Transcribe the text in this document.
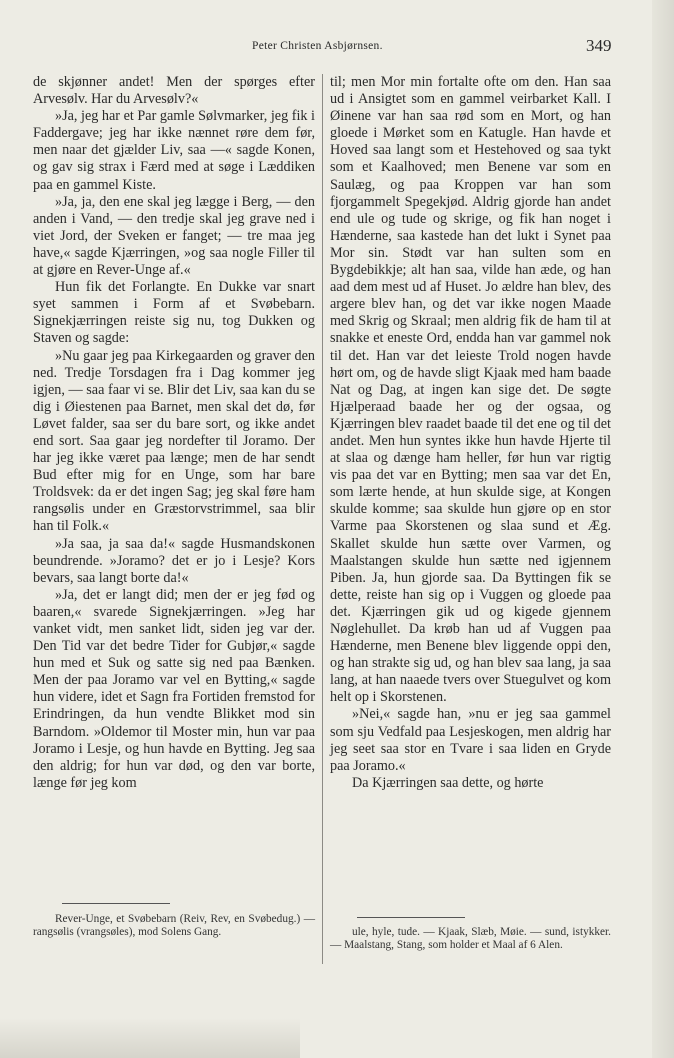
Peter Christen Asbjørnsen.	349

de skjønner andet! Men der spørges efter Arvesølv. Har du Arvesølv?«

»Ja, jeg har et Par gamle Sølvmarker, jeg fik i Faddergave; jeg har ikke nænnet røre dem før, men naar det gjælder Liv, saa —« sagde Konen, og gav sig strax i Færd med at søge i Læddiken paa en gammel Kiste.

»Ja, ja, den ene skal jeg lægge i Berg, — den anden i Vand, — den tredje skal jeg grave ned i viet Jord, der Sveken er fanget; — tre maa jeg have,« sagde Kjærringen, »og saa nogle Filler til at gjøre en Rever-Unge af.«

Hun fik det Forlangte. En Dukke var snart syet sammen i Form af et Svøbebarn. Signekjærringen reiste sig nu, tog Dukken og Staven og sagde:

»Nu gaar jeg paa Kirkegaarden og graver den ned. Tredje Torsdagen fra i Dag kommer jeg igjen, — saa faar vi se. Blir det Liv, saa kan du se dig i Øiestenen paa Barnet, men skal det dø, før Løvet falder, saa ser du bare sort, og ikke andet end sort. Saa gaar jeg nordefter til Joramo. Der har jeg ikke været paa længe; men de har sendt Bud efter mig for en Unge, som har bare Troldsvek: da er det ingen Sag; jeg skal føre ham rangsølis under en Græstorvstrimmel, saa blir han til Folk.«

»Ja saa, ja saa da!« sagde Husmandskonen beundrende. »Joramo? det er jo i Lesje? Kors bevars, saa langt borte da!«

»Ja, det er langt did; men der er jeg fød og baaren,« svarede Signekjærringen. »Jeg har vanket vidt, men sanket lidt, siden jeg var der. Den Tid var det bedre Tider for Gubjør,« sagde hun med et Suk og satte sig ned paa Bænken. Men der paa Joramo var vel en Bytting,« sagde hun videre, idet et Sagn fra Fortiden fremstod for Erindringen, da hun vendte Blikket mod sin Barndom. »Oldemor til Moster min, hun var paa Joramo i Lesje, og hun havde en Bytting. Jeg saa den aldrig; for hun var død, og den var borte, længe før jeg kom

til; men Mor min fortalte ofte om den. Han saa ud i Ansigtet som en gammel veirbarket Kall. I Øinene var han saa rød som en Mort, og han gloede i Mørket som en Katugle. Han havde et Hoved saa langt som et Hestehoved og saa tykt som et Kaalhoved; men Benene var som en Saulæg, og paa Kroppen var han som fjorgammelt Spegekjød. Aldrig gjorde han andet end ule og tude og skrige, og fik han noget i Hænderne, saa kastede han det lukt i Synet paa Mor sin. Stødt var han sulten som en Bygdebikkje; alt han saa, vilde han æde, og han aad dem mest ud af Huset. Jo ældre han blev, des argere blev han, og det var ikke nogen Maade med Skrig og Skraal; men aldrig fik de ham til at snakke et eneste Ord, endda han var gammel nok til det. Han var det leieste Trold nogen havde hørt om, og de havde sligt Kjaak med ham baade Nat og Dag, at ingen kan sige det. De søgte Hjælperaad baade her og der ogsaa, og Kjærringen blev raadet baade til det ene og til det andet. Men hun syntes ikke hun havde Hjerte til at slaa og dænge ham heller, før hun var rigtig vis paa det var en Bytting; men saa var det En, som lærte hende, at hun skulde sige, at Kongen skulde komme; saa skulde hun gjøre op en stor Varme paa Skorstenen og slaa sund et Æg. Skallet skulde hun sætte over Varmen, og Maalstangen skulde hun sætte ned igjennem Piben. Ja, hun gjorde saa. Da Byttingen fik se dette, reiste han sig op i Vuggen og gloede paa det. Kjærringen gik ud og kigede gjennem Nøglehullet. Da krøb han ud af Vuggen paa Hænderne, men Benene blev liggende oppi den, og han strakte sig ud, og han blev saa lang, ja saa lang, at han naaede tvers over Stuegulvet og kom helt op i Skorstenen.

»Nei,« sagde han, »nu er jeg saa gammel som sju Vedfald paa Lesjeskogen, men aldrig har jeg seet saa stor en Tvare i saa liden en Gryde paa Joramo.«

Da Kjærringen saa dette, og hørte

Rever-Unge, et Svøbebarn (Reiv, Rev, en Svøbedug.) — rangsølis (vrangsøles), mod Solens Gang.	ule, hyle, tude. — Kjaak, Slæb, Møie. — sund, istykker. — Maalstang, Stang, som holder et Maal af 6 Alen.
